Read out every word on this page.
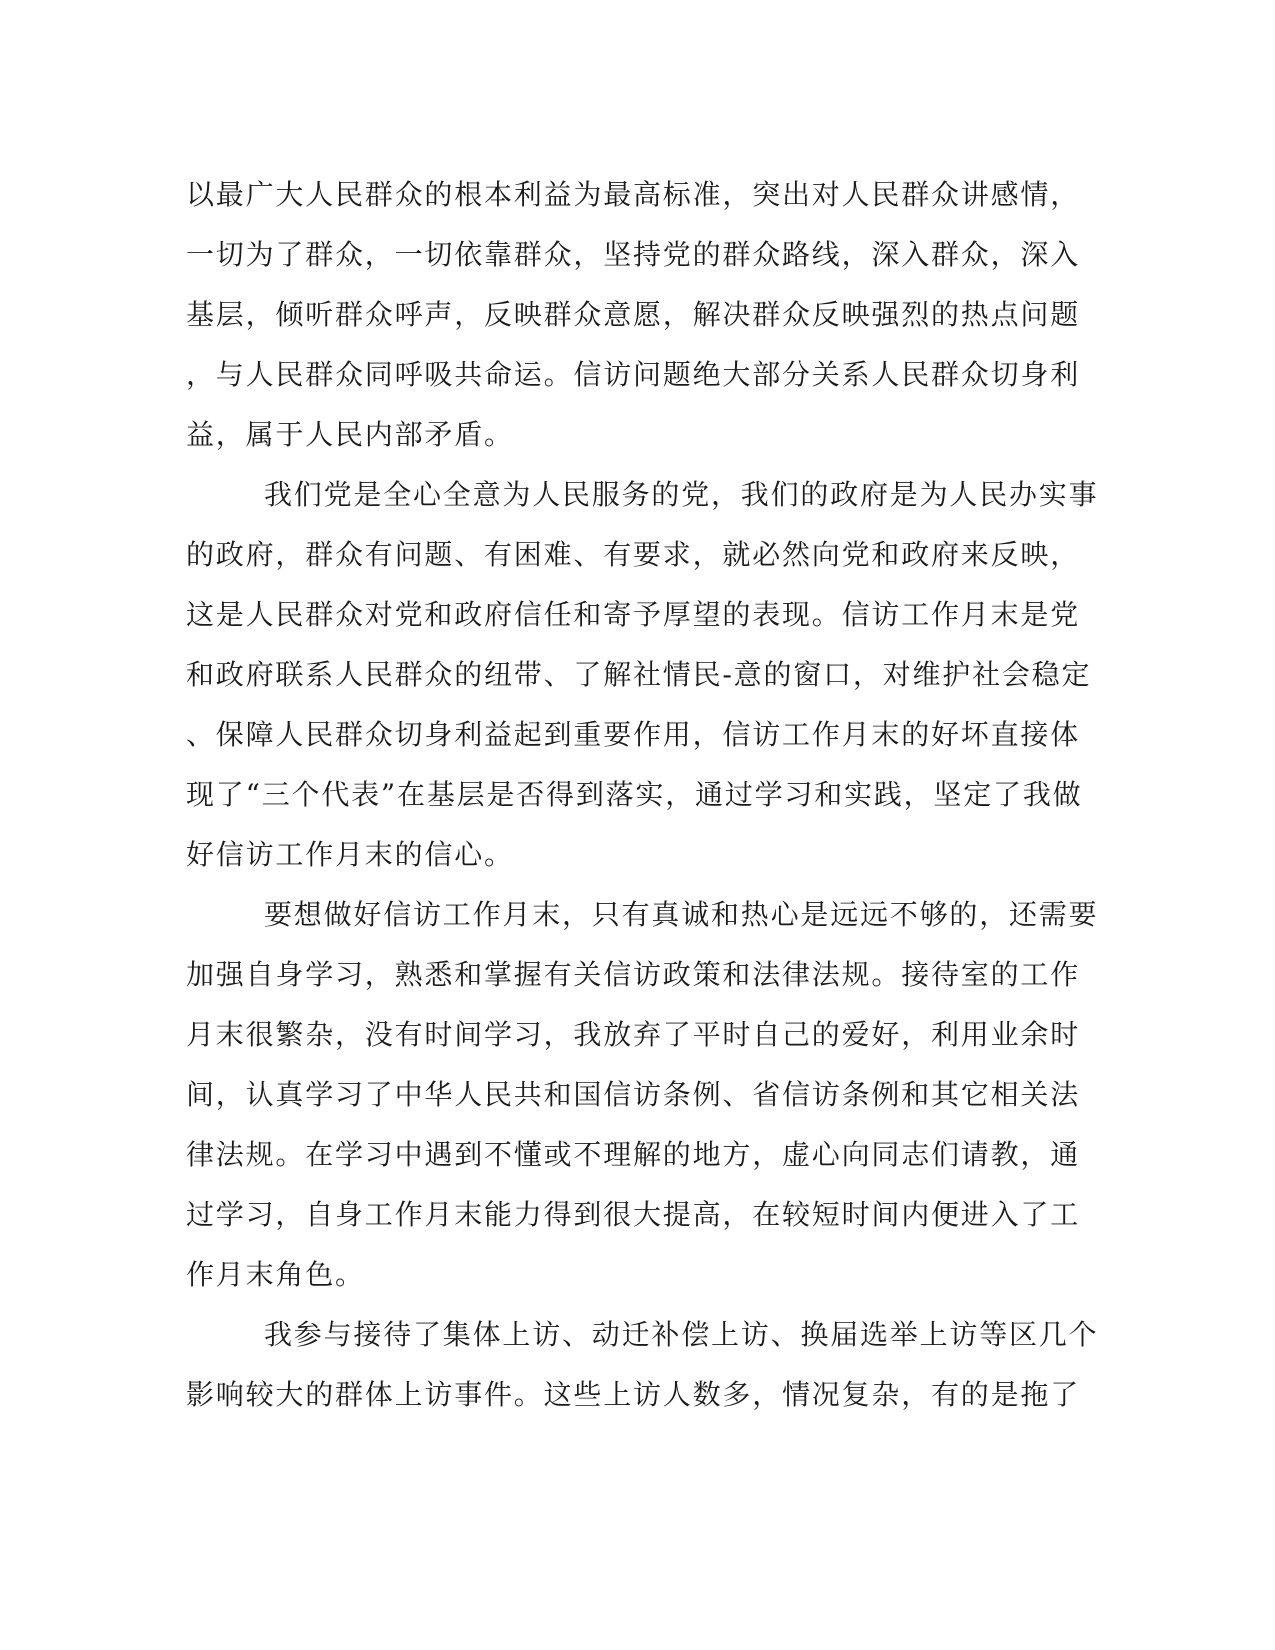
以最广大人民群众的根本利益为最高标准，突出对人民群众讲感情，
一切为了群众，一切依靠群众，坚持党的群众路线，深入群众，深入
基层，倾听群众呼声，反映群众意愿，解决群众反映强烈的热点问题
，与人民群众同呼吸共命运。信访问题绝大部分关系人民群众切身利
益，属于人民内部矛盾。
我们党是全心全意为人民服务的党，我们的政府是为人民办实事
的政府，群众有问题、有困难、有要求，就必然向党和政府来反映，
这是人民群众对党和政府信任和寄予厚望的表现。信访工作月末是党
和政府联系人民群众的纽带、了解社情民-意的窗口，对维护社会稳定
、保障人民群众切身利益起到重要作用，信访工作月末的好坏直接体
现了“三个代表”在基层是否得到落实，通过学习和实践，坚定了我做
好信访工作月末的信心。
要想做好信访工作月末，只有真诚和热心是远远不够的，还需要
加强自身学习，熟悉和掌握有关信访政策和法律法规。接待室的工作
月末很繁杂，没有时间学习，我放弃了平时自己的爱好，利用业余时
间，认真学习了中华人民共和国信访条例、省信访条例和其它相关法
律法规。在学习中遇到不懂或不理解的地方，虚心向同志们请教，通
过学习，自身工作月末能力得到很大提高，在较短时间内便进入了工
作月末角色。
我参与接待了集体上访、动迁补偿上访、换届选举上访等区几个
影响较大的群体上访事件。这些上访人数多，情况复杂，有的是拖了
